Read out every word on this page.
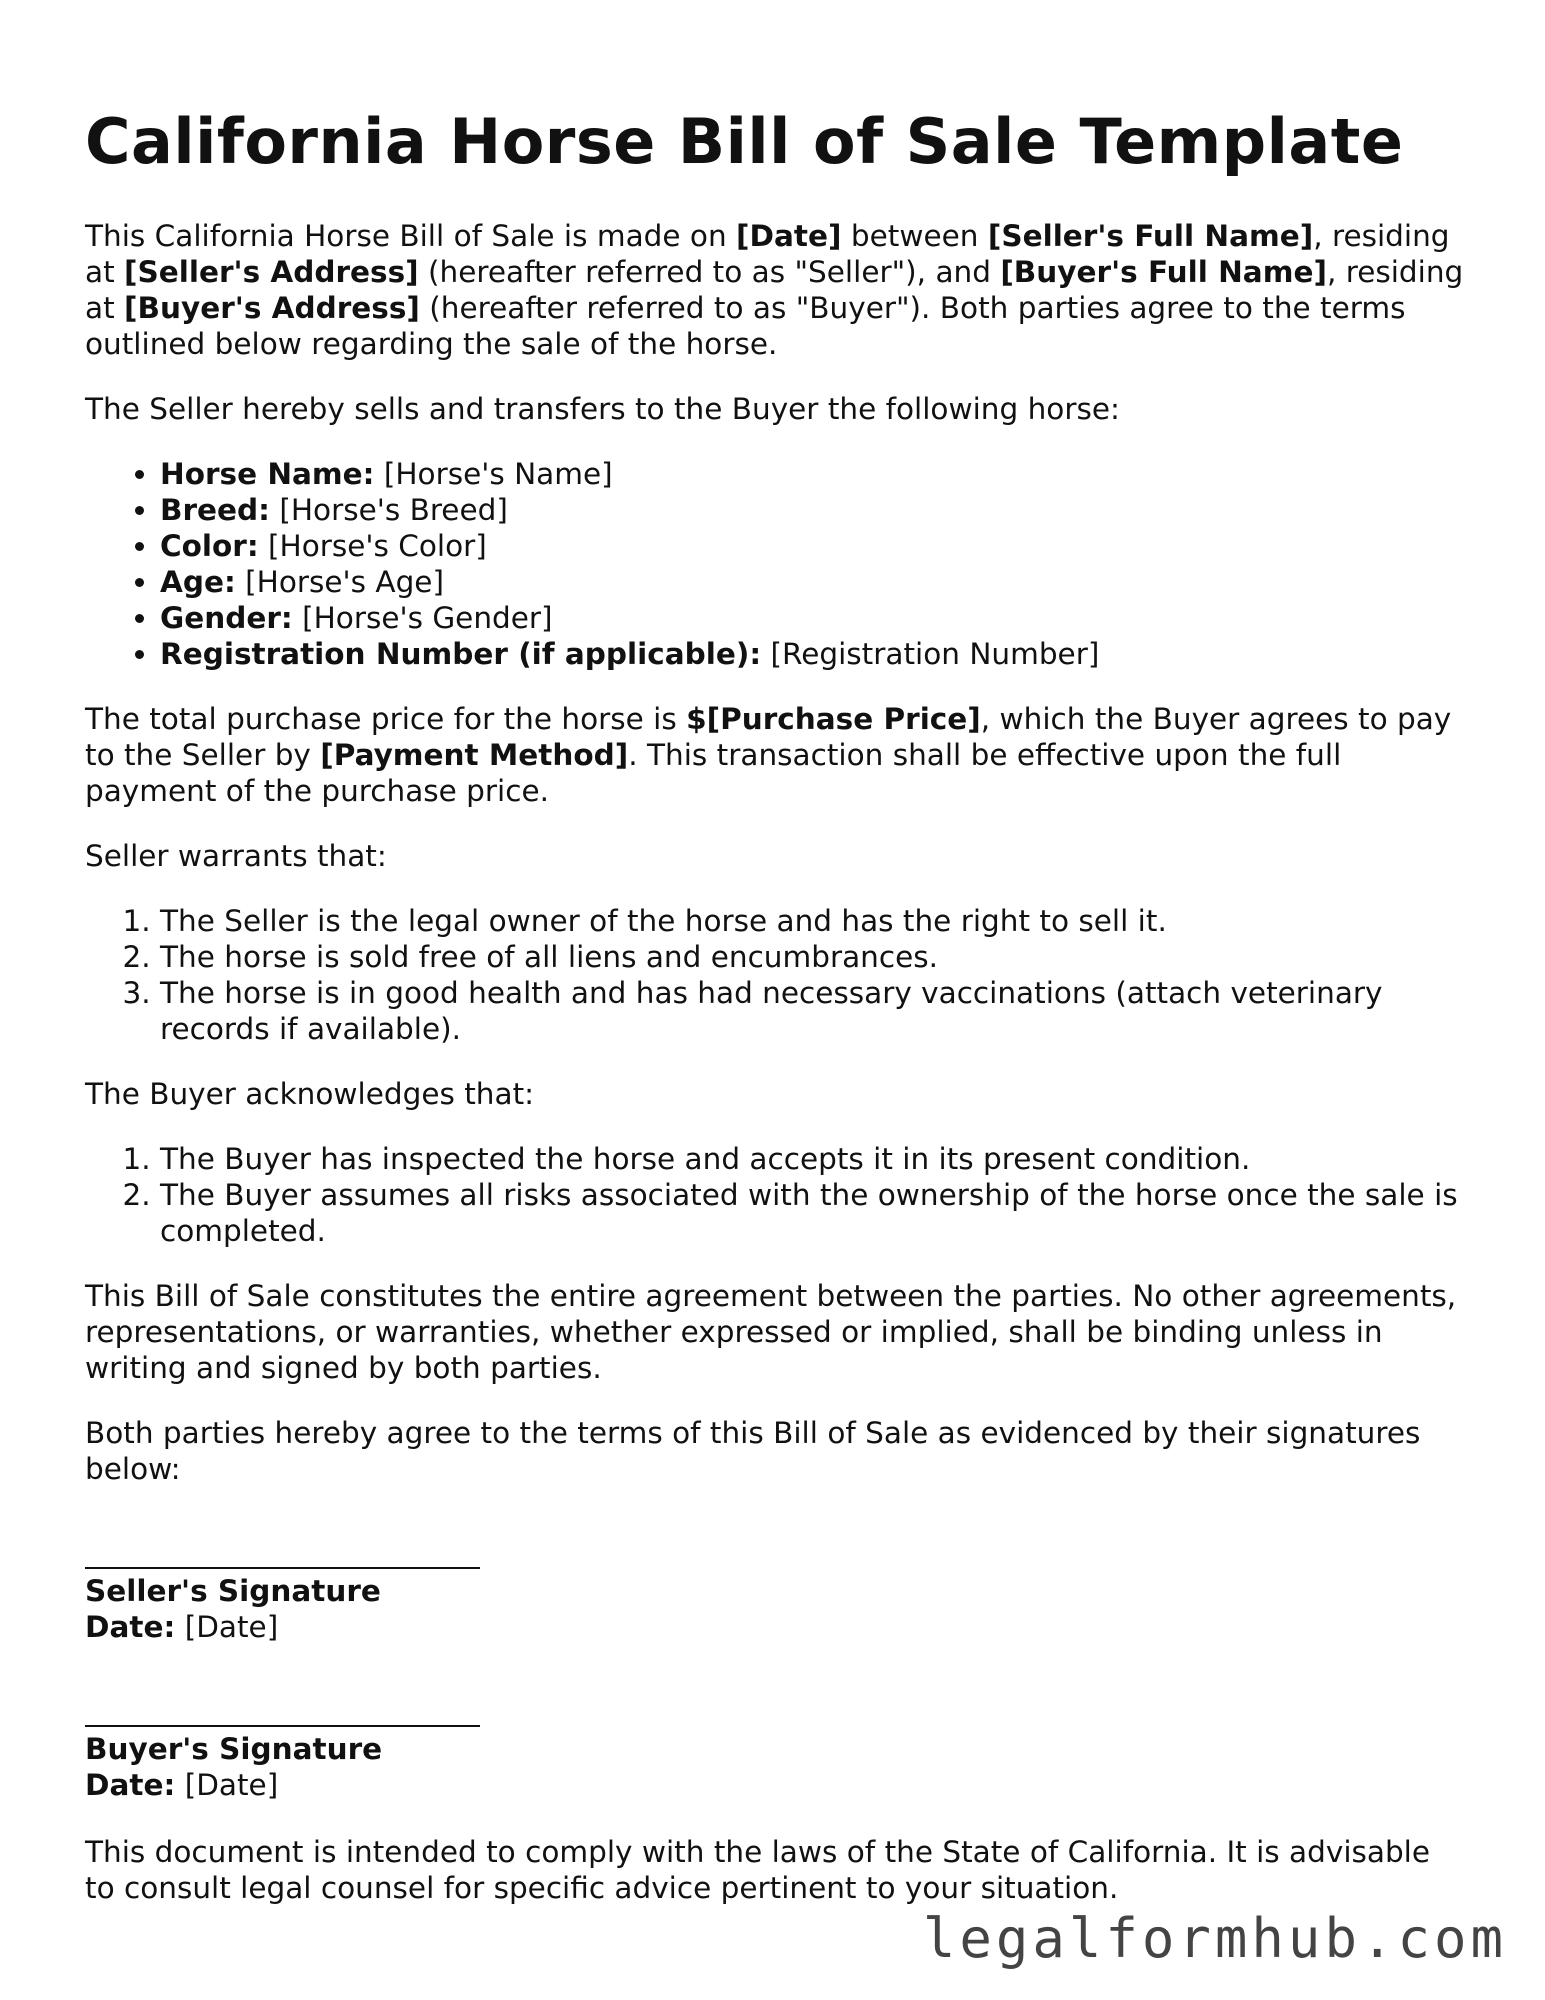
California Horse Bill of Sale Template

This California Horse Bill of Sale is made on [Date] between [Seller's Full Name], residing at [Seller's Address] (hereafter referred to as "Seller"), and [Buyer's Full Name], residing at [Buyer's Address] (hereafter referred to as "Buyer"). Both parties agree to the terms outlined below regarding the sale of the horse.

The Seller hereby sells and transfers to the Buyer the following horse:

• Horse Name: [Horse's Name]
• Breed: [Horse's Breed]
• Color: [Horse's Color]
• Age: [Horse's Age]
• Gender: [Horse's Gender]
• Registration Number (if applicable): [Registration Number]

The total purchase price for the horse is $[Purchase Price], which the Buyer agrees to pay to the Seller by [Payment Method]. This transaction shall be effective upon the full payment of the purchase price.

Seller warrants that:

1. The Seller is the legal owner of the horse and has the right to sell it.
2. The horse is sold free of all liens and encumbrances.
3. The horse is in good health and has had necessary vaccinations (attach veterinary records if available).

The Buyer acknowledges that:

1. The Buyer has inspected the horse and accepts it in its present condition.
2. The Buyer assumes all risks associated with the ownership of the horse once the sale is completed.

This Bill of Sale constitutes the entire agreement between the parties. No other agreements, representations, or warranties, whether expressed or implied, shall be binding unless in writing and signed by both parties.

Both parties hereby agree to the terms of this Bill of Sale as evidenced by their signatures below:

Seller's Signature
Date: [Date]
Buyer's Signature
Date: [Date]

This document is intended to comply with the laws of the State of California. It is advisable to consult legal counsel for specific advice pertinent to your situation.

legalformhub.com
